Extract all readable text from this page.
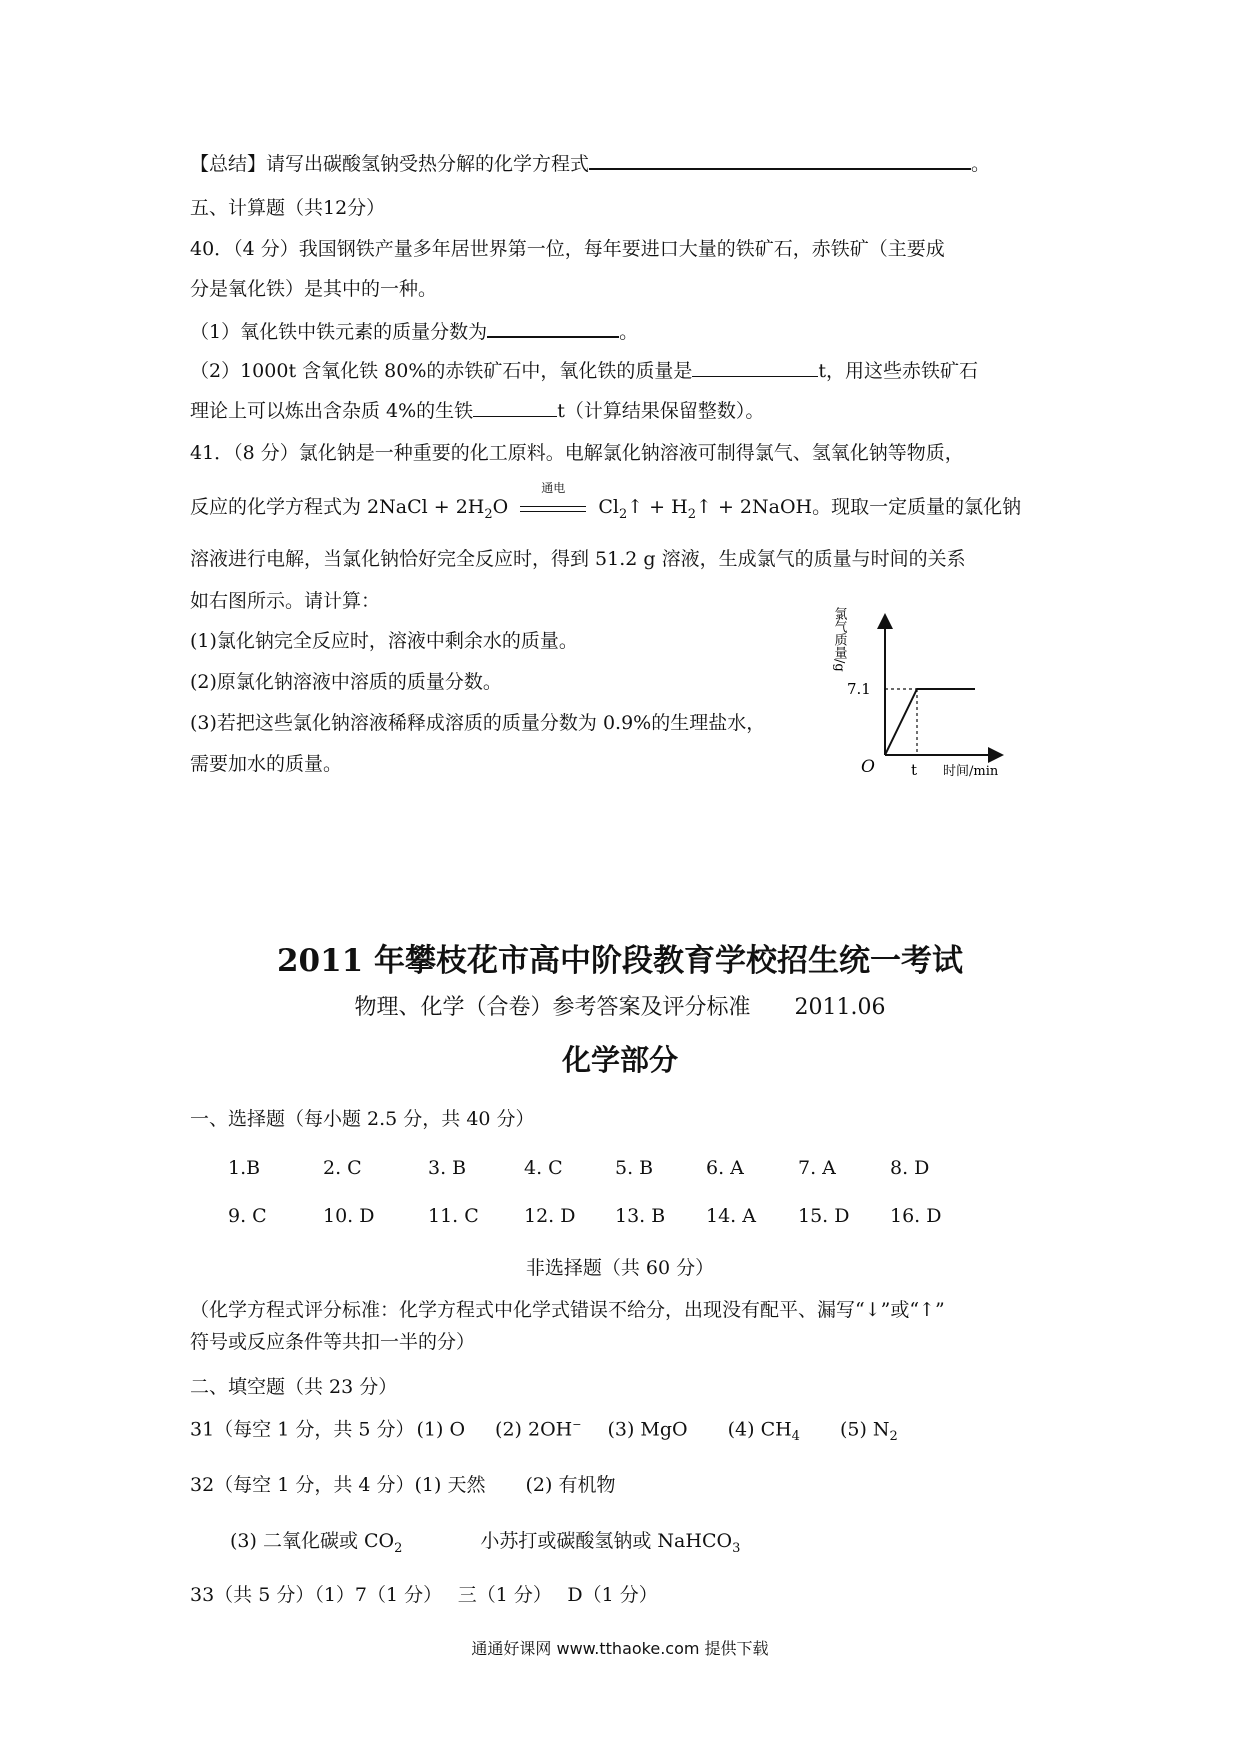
【总结】请写出碳酸氢钠受热分解的化学方程式	。
五、计算题（共12分）
40．（4 分）我国钢铁产量多年居世界第一位，每年要进口大量的铁矿石，赤铁矿（主要成
分是氧化铁）是其中的一种。
（1）氧化铁中铁元素的质量分数为	。
（2）1000t 含氧化铁 80%的赤铁矿石中，氧化铁的质量是	t，用这些赤铁矿石
理论上可以炼出含杂质 4%的生铁	t（计算结果保留整数）。
41．（8 分）氯化钠是一种重要的化工原料。电解氯化钠溶液可制得氯气、氢氧化钠等物质，
反应的化学方程式为 2NaCl + $2H_2O$
通电
$Cl_2↑$ + $H_2↑$ + 2NaOH。现取一定质量的氯化钠
溶液进行电解，当氯化钠恰好完全反应时，得到 51.2 g 溶液，生成氯气的质量与时间的关系
如右图所示。请计算：
(1)氯化钠完全反应时，溶液中剩余水的质量。
(2)原氯化钠溶液中溶质的质量分数。
(3)若把这些氯化钠溶液稀释成溶质的质量分数为 0.9%的生理盐水，
需要加水的质量。
氯气质量/g
时间/min
O t
7.1
2011 年攀枝花市高中阶段教育学校招生统一考试
物理、化学（合卷）参考答案及评分标准 2011.06
化学部分
一、选择题（每小题 2.5 分，共 40 分）
1.B	2. C	3. B	4. C	5. B	6. A	7. A	8. D
9. C	10. D	11. C 12. D 13. B 14. A 15. D 16. D
非选择题（共 60 分）
（化学方程式评分标准：化学方程式中化学式错误不给分，出现没有配平、漏写“↓”或“↑”
符号或反应条件等共扣一半的分）
二、填空题（共 23 分）
31（每空 1 分，共 5 分） (1) O (2) 2OH− (3) MgO (4) $CH_4$ (5) $N_2$
32（每空 1 分，共 4 分）(1) 天然 (2) 有机物
(3) 二氧化碳或 $CO_2$	小苏打或碳酸氢钠或 NaHCO$_3$
33（共 5 分）（1）7（1 分）　 三（1 分）　 D（1 分）
通通好课网 www.tthaoke.com 提供下载
